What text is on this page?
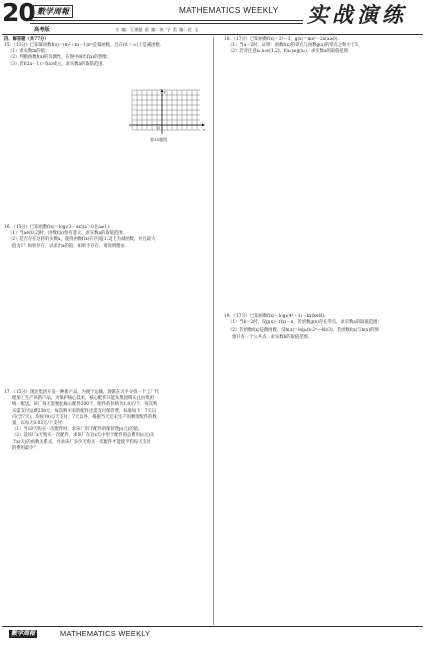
20 數学周報	MATHEMATICS WEEKLY 实战演练
高考版	主 编：王建超 责 编：张 宁 美 编：花 玉
四、解答题（共77分）
15．（13分）已知幂函数f(x)＝(m²＋m－1)xᵐ是幂函数，且在(0,＋∞)上是减函数．
（1）求实数m的值；
（2）判断函数f(x)的奇偶性，在图中画出f(x)的图象；
（3）若f(2a－1)＞f(a)成立，求实数a的取值范围．
x
y
O
第15题图
16．（15分）已知函数f(x)＝log₂(3－ax)(a＞0且a≠1).
（1）当a∈[0,2]时，函数f(x)恒有意义，求实数a的取值范围；
（2）是否存在这样的实数a，使得函数f(x)在区间[1,2]上为减函数，并且最大
值为1？如果存在，试求出a的值；如果不存在，请说明理由．
17．（15分）现达集团开发一种新产品，为便于运输，现派在天平寻找一个工厂代
理加工生产该新产品，为保护核心技术，核心配件只能从集团购买且由集团
统一配送，该厂每天需要此核心配件200个，配件的价格为1.8元/个，每次购
买需支付运费238元，每次购买来的配件还需支付保管费，标准如下：7天以
内(含7天)，均按10元/天支付；7天以外，根据当天还未生产的剩余配件的数
量，以每天0.03元/个支付．
（1）当10天购买一次配件时，求该厂用于配件的保管费p(元)的值；
（2）设该厂x天购买一次配件，求该厂在这x天中用于配件的总费用y(元)关
于x(天)的函数关系式，并求该厂多少天购买一次配件才能使平均每天支付
的费用最少？
18．（17分）已知函数f(x)＝2ˣ－3，g(x)＝mx²－2x(a≥0).
（1）当a＞2时，证明：函数f(x)的零点与函数g(x)的零点之和小于3；
（2）若对任意x₁,x₂∈[1,2]，f(x₁)≠g(x₂)，求实数a的取值范围．
19．（17分）已知函数f(x)＝log₄(4ˣ＋1)－kx(k∈R).
（1）当k＝2时，设g(x)＝f(x)－a，若函数g(x)存在零点，求实数a的取值范围；
（2）若函数f(x)是偶函数，设h(x)＝log₄(b·2ˣ－4b/3)，若函数f(x)与h(x)的图
象只有一个公共点，求实数b的取值范围．
數学周報	MATHEMATICS WEEKLY
